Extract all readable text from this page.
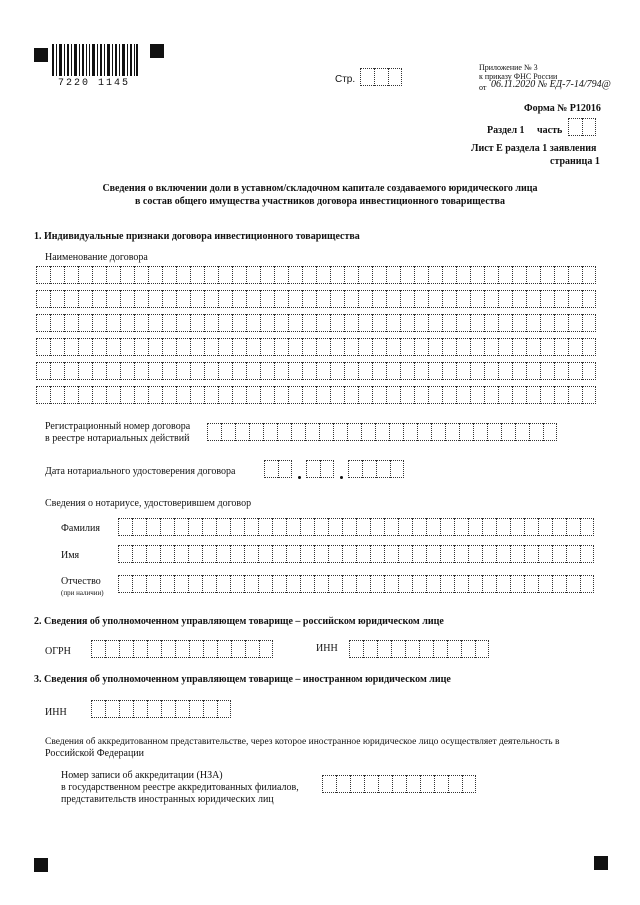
7220 1145	Стр.
Приложение № 3
к приказу ФНС России
от 06.11.2020 № ЕД-7-14/794@
Форма № Р12016
Раздел 1 часть
Лист Е раздела 1 заявления
страница 1
Сведения о включении доли в уставном/складочном капитале создаваемого юридического лица
в состав общего имущества участников договора инвестиционного товарищества
1. Индивидуальные признаки договора инвестиционного товарищества
Наименование договора
Регистрационный номер договора
в реестре нотариальных действий
Дата нотариального удостоверения договора
Сведения о нотариусе, удостоверившем договор
Фамилия
Имя
Отчество
(при наличии)
2. Сведения об уполномоченном управляющем товарище – российском юридическом лице
ОГРН	ИНН
3. Сведения об уполномоченном управляющем товарище – иностранном юридическом лице
ИНН
Сведения об аккредитованном представительстве, через которое иностранное юридическое лицо осуществляет деятельность в
Российской Федерации
Номер записи об аккредитации (НЗА)
в государственном реестре аккредитованных филиалов,
представительств иностранных юридических лиц
